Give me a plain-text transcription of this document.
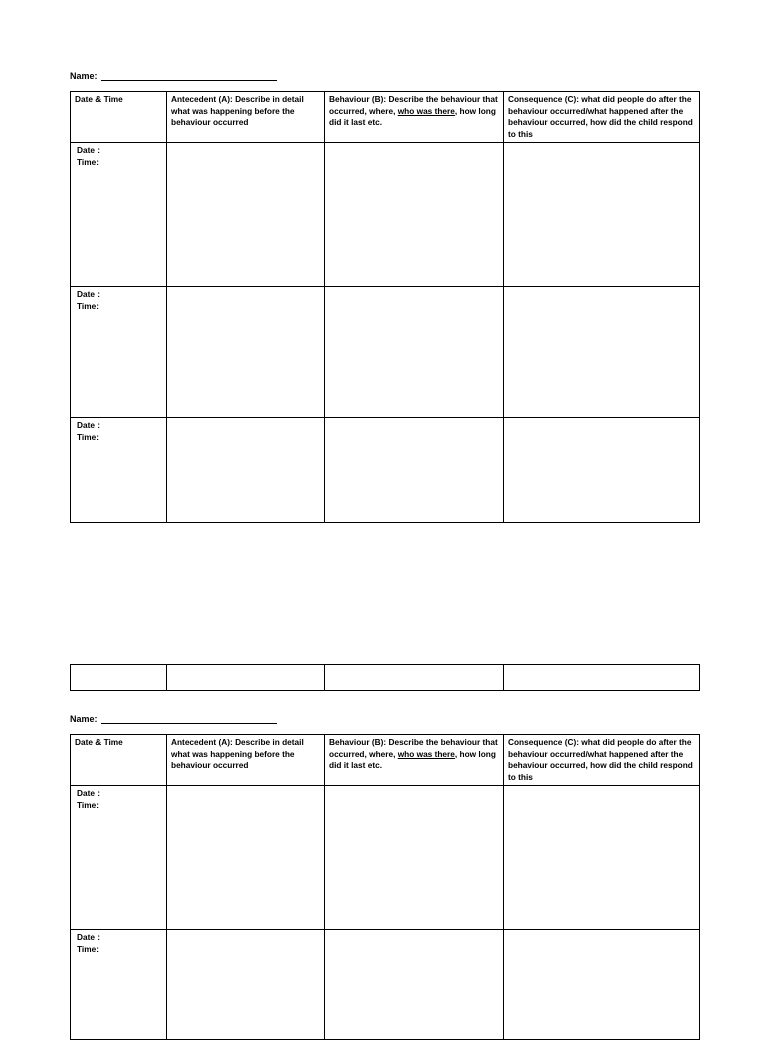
Name:
Date & Time	Antecedent (A): Describe in detail what was happening before the behaviour occurred	Behaviour (B): Describe the behaviour that occurred, where, who was there, how long did it last etc.	Consequence (C): what did people do after the behaviour occurred/what happened after the behaviour occurred, how did the child respond to this

Date :
Time:			

Date :
Time:			

Date :
Time:			

Name:
Date & Time	Antecedent (A): Describe in detail what was happening before the behaviour occurred	Behaviour (B): Describe the behaviour that occurred, where, who was there, how long did it last etc.	Consequence (C): what did people do after the behaviour occurred/what happened after the behaviour occurred, how did the child respond to this

Date :
Time:			

Date :
Time:			
